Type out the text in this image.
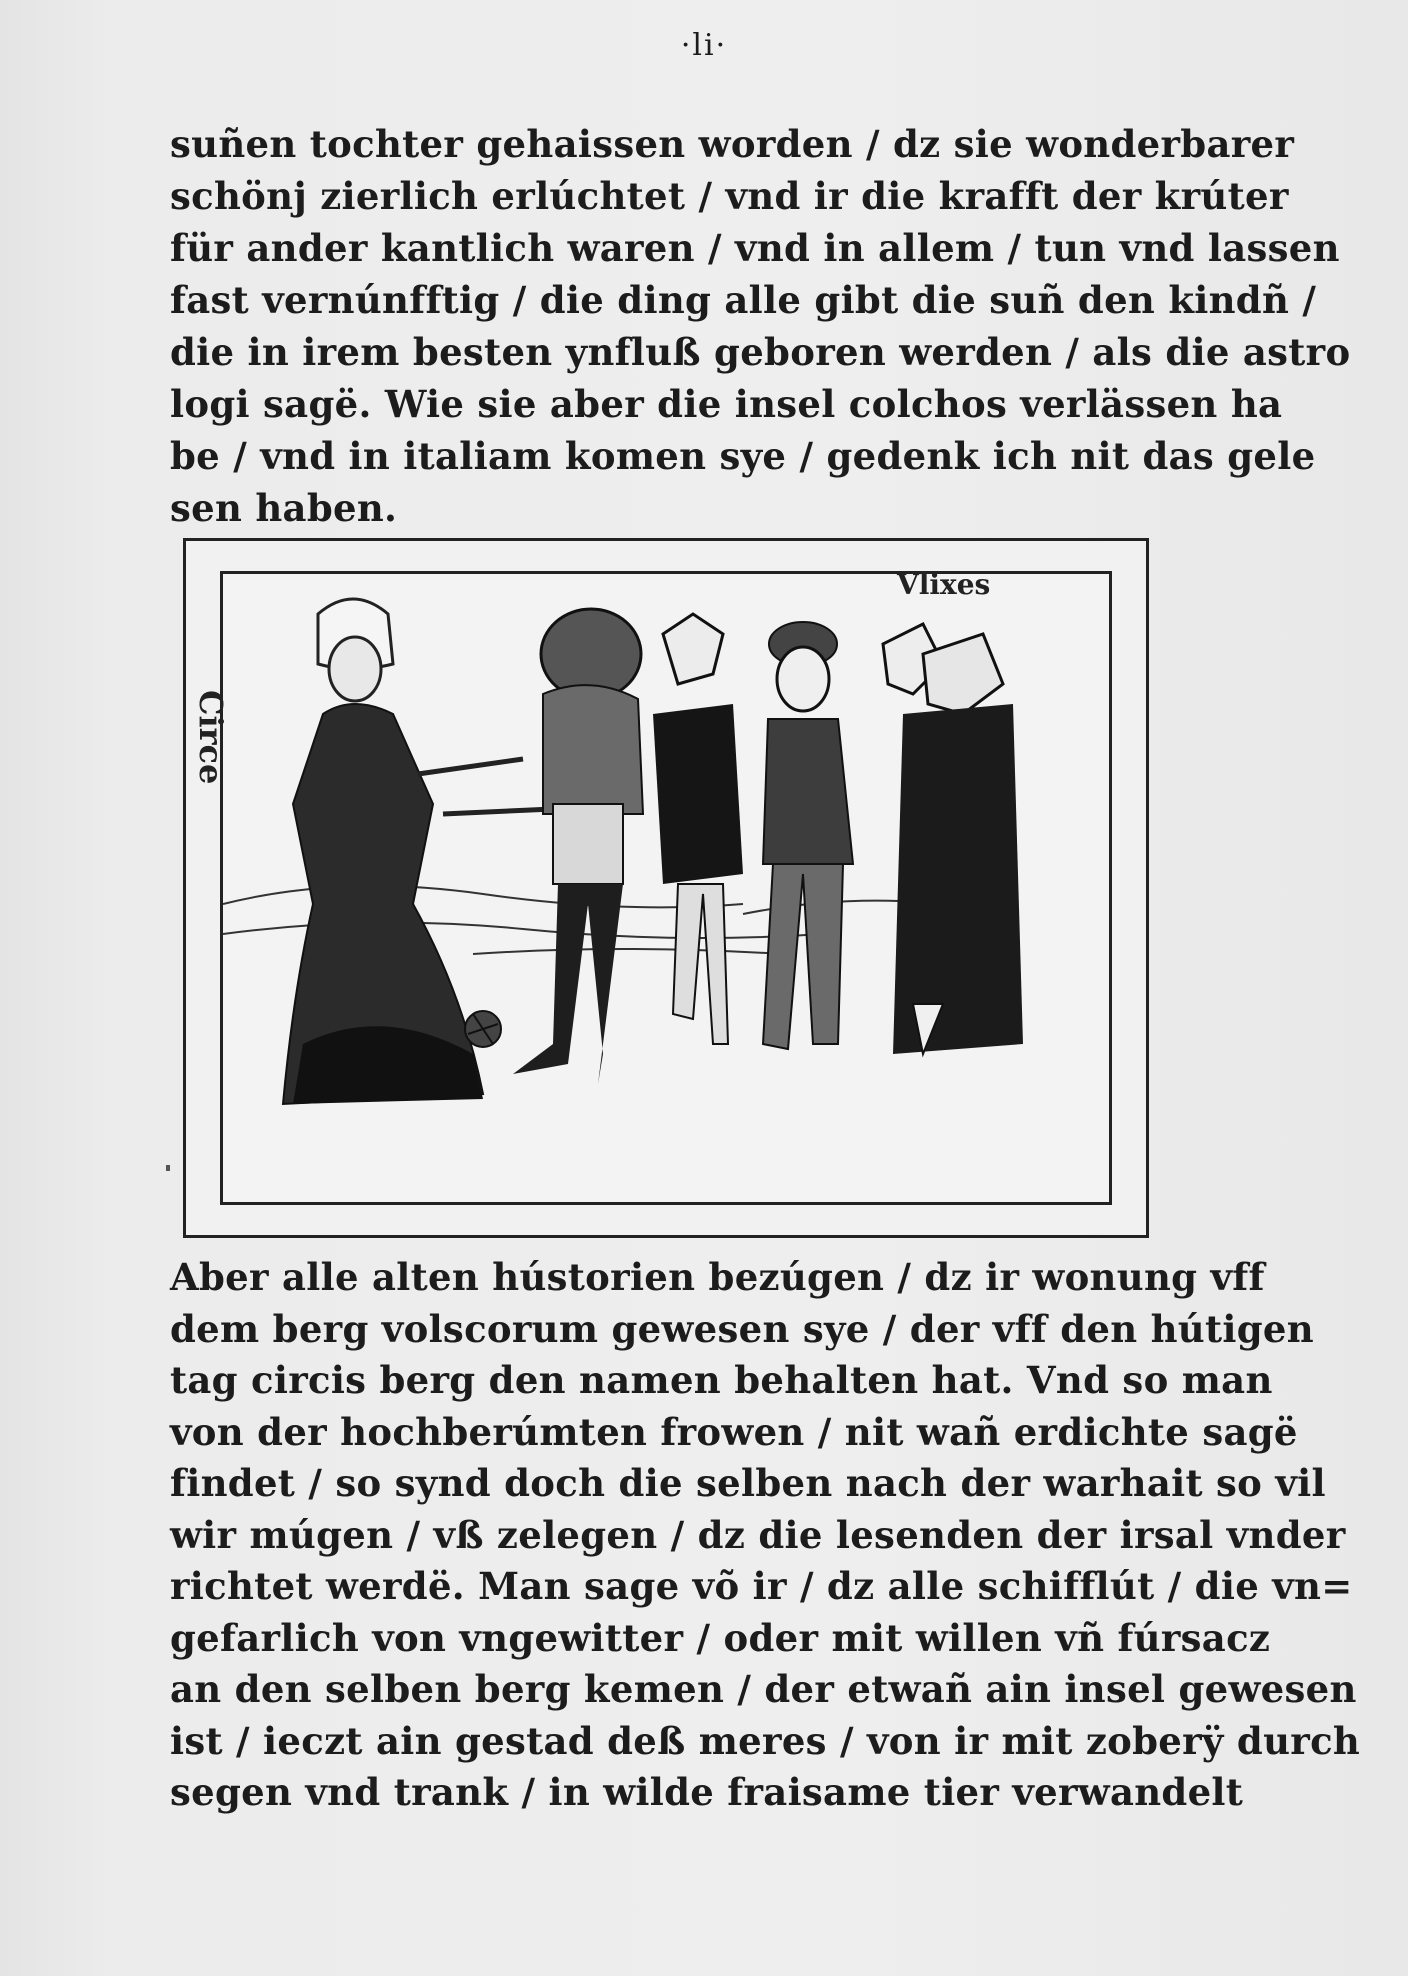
·li·
suñen tochter gehaissen worden / dz sie wonderbarer
schönj zierlich erlúchtet / vnd ir die krafft der krúter
für ander kantlich waren / vnd in allem / tun vnd lassen
fast vernúnfftig / die ding alle gibt die suñ den kindñ /
die in irem besten ynfluß geboren werden / als die astro
logi sagë. Wie sie aber die insel colchos verlässen ha
be / vnd in italiam komen sye / gedenk ich nit das gele
sen haben.
Circe
Vlixes
Aber alle alten hústorien bezúgen / dz ir wonung vff
dem berg volscorum gewesen sye / der vff den hútigen
tag circis berg den namen behalten hat. Vnd so man
von der hochberúmten frowen / nit wañ erdichte sagë
findet / so synd doch die selben nach der warhait so vil
wir múgen / vß zelegen / dz die lesenden der irsal vnder
richtet werdë. Man sage võ ir / dz alle schifflút / die vn=
gefarlich von vngewitter / oder mit willen vñ fúrsacz
an den selben berg kemen / der etwañ ain insel gewesen
ist / ieczt ain gestad deß meres / von ir mit zoberÿ durch
segen vnd trank / in wilde fraisame tier verwandelt
